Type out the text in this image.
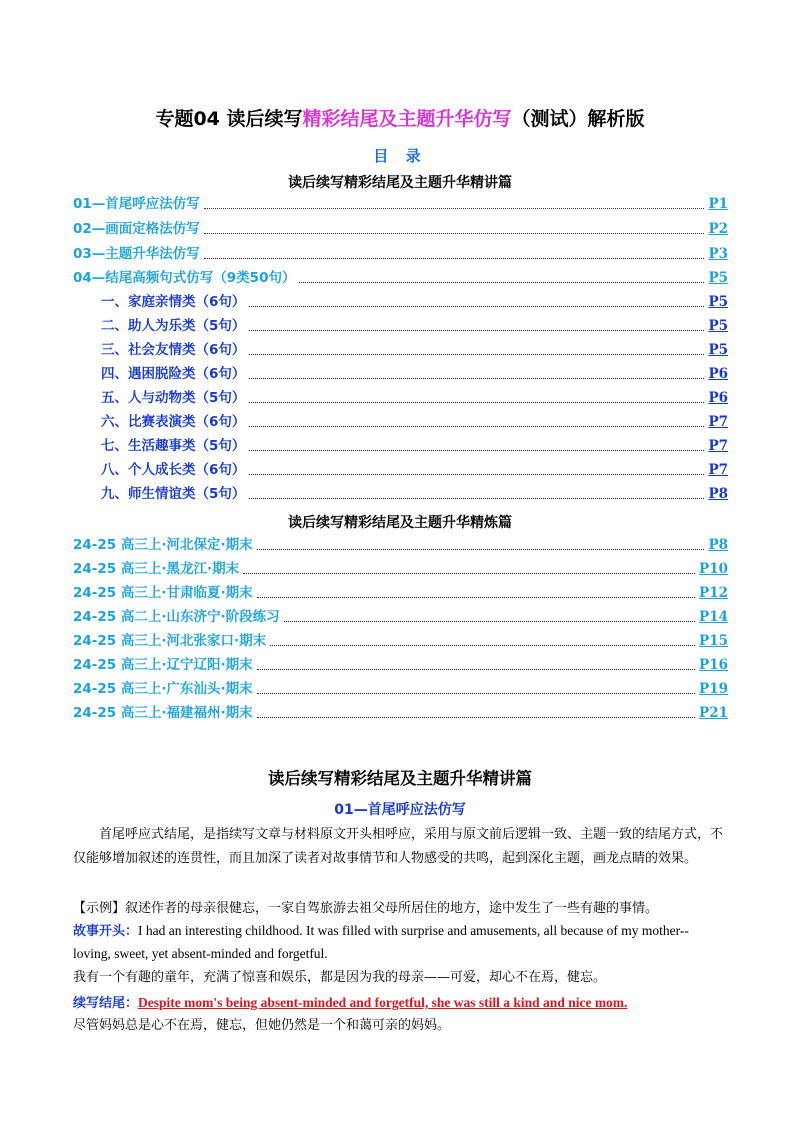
专题04 读后续写精彩结尾及主题升华仿写（测试）解析版
目 录
读后续写精彩结尾及主题升华精讲篇
01—首尾呼应法仿写	P1
02—画面定格法仿写	P2
03—主题升华法仿写	P3
04—结尾高频句式仿写（9类50句）	P5
一、家庭亲情类（6句）	P5
二、助人为乐类（5句）	P5
三、社会友情类（6句）	P5
四、遇困脱险类（6句）	P6
五、人与动物类（5句）	P6
六、比赛表演类（6句）	P7
七、生活趣事类（5句）	P7
八、个人成长类（6句）	P7
九、师生情谊类（5句）	P8
读后续写精彩结尾及主题升华精炼篇
24-25 高三上·河北保定·期末	P8
24-25 高三上·黑龙江·期末	P10
24-25 高三上·甘肃临夏·期末	P12
24-25 高二上·山东济宁·阶段练习	P14
24-25 高三上·河北张家口·期末	P15
24-25 高三上·辽宁辽阳·期末	P16
24-25 高三上·广东汕头·期末	P19
24-25 高三上·福建福州·期末	P21
读后续写精彩结尾及主题升华精讲篇
01—首尾呼应法仿写
首尾呼应式结尾，是指续写文章与材料原文开头相呼应，采用与原文前后逻辑一致、主题一致的结尾方式，不仅能够增加叙述的连贯性，而且加深了读者对故事情节和人物感受的共鸣，起到深化主题，画龙点睛的效果。
【示例】叙述作者的母亲很健忘，一家自驾旅游去祖父母所居住的地方，途中发生了一些有趣的事情。
故事开头：I had an interesting childhood. It was filled with surprise and amusements, all because of my mother--
loving, sweet, yet absent-minded and forgetful.
我有一个有趣的童年，充满了惊喜和娱乐，都是因为我的母亲——可爱，却心不在焉，健忘。
续写结尾：Despite mom's being absent-minded and forgetful, she was still a kind and nice mom.
尽管妈妈总是心不在焉，健忘，但她仍然是一个和蔼可亲的妈妈。
